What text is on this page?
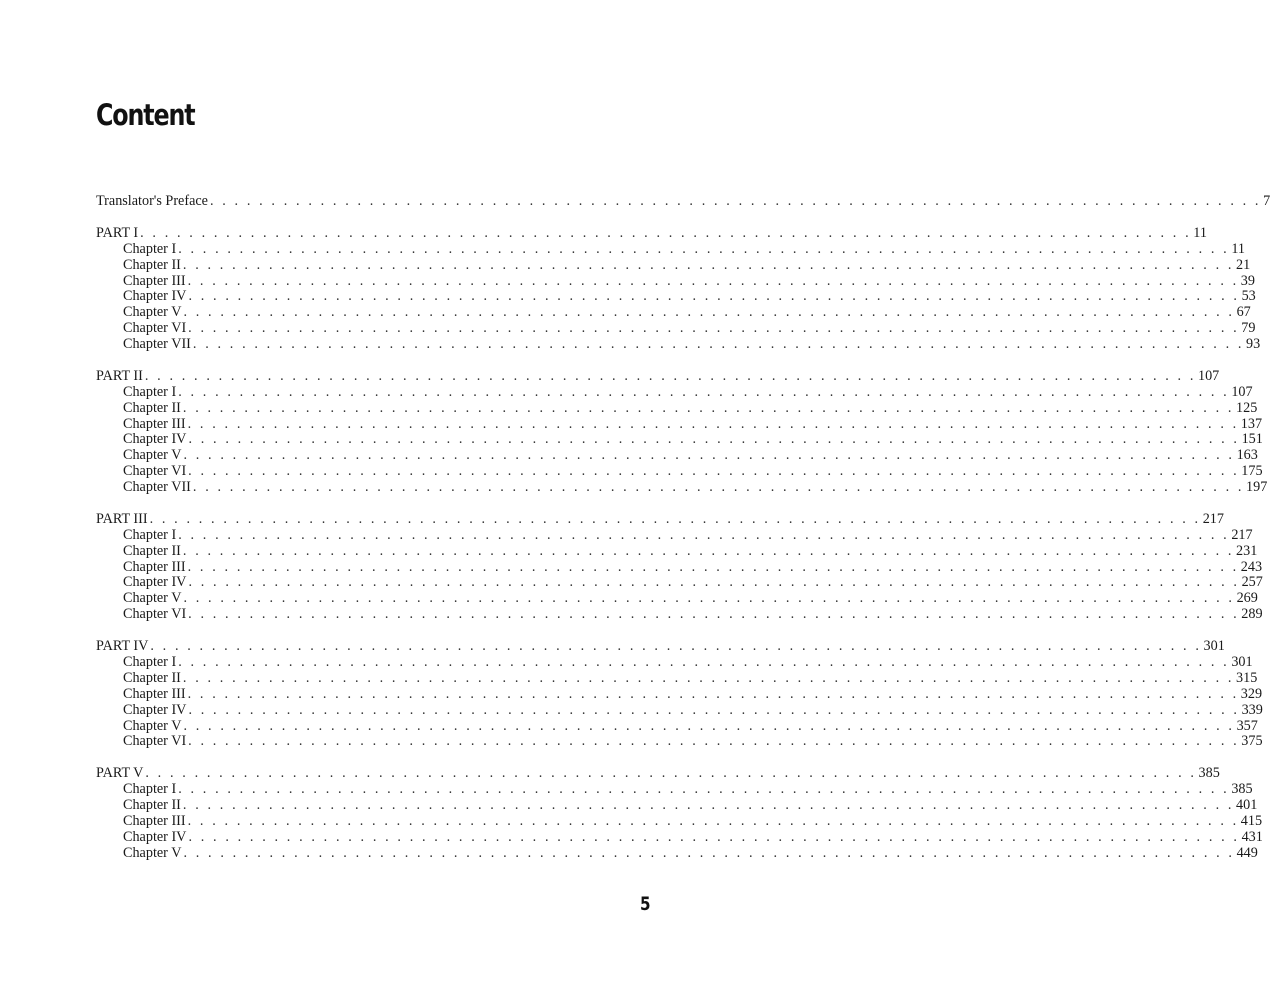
Content
Translator's Preface . . . . . . . . . . . . . . . . . . . . . . . . . . . . . . . . . . . . . . . . . . . . . . . . . . . . . . . . . . . . . . . . . . . . . . . . . . . . . . . . . . . . . . 7
PART I . . . . . . . . . . . . . . . . . . . . . . . . . . . . . . . . . . . . . . . . . . . . . . . . . . . . . . . . . . . . . . . . . . . . . . . . . . . . . . . . . . . . . . 11
Chapter I . . . . . . . . . . . . . . . . . . . . . . . . . . . . . . . . . . . . . . . . . . . . . . . . . . . . . . . . . . . . . . . . . . . . . . . . . . . . . . . . . . . . . . 11
Chapter II . . . . . . . . . . . . . . . . . . . . . . . . . . . . . . . . . . . . . . . . . . . . . . . . . . . . . . . . . . . . . . . . . . . . . . . . . . . . . . . . . . . . . . 21
Chapter III . . . . . . . . . . . . . . . . . . . . . . . . . . . . . . . . . . . . . . . . . . . . . . . . . . . . . . . . . . . . . . . . . . . . . . . . . . . . . . . . . . . . . . 39
Chapter IV . . . . . . . . . . . . . . . . . . . . . . . . . . . . . . . . . . . . . . . . . . . . . . . . . . . . . . . . . . . . . . . . . . . . . . . . . . . . . . . . . . . . . . 53
Chapter V . . . . . . . . . . . . . . . . . . . . . . . . . . . . . . . . . . . . . . . . . . . . . . . . . . . . . . . . . . . . . . . . . . . . . . . . . . . . . . . . . . . . . . 67
Chapter VI . . . . . . . . . . . . . . . . . . . . . . . . . . . . . . . . . . . . . . . . . . . . . . . . . . . . . . . . . . . . . . . . . . . . . . . . . . . . . . . . . . . . . . 79
Chapter VII . . . . . . . . . . . . . . . . . . . . . . . . . . . . . . . . . . . . . . . . . . . . . . . . . . . . . . . . . . . . . . . . . . . . . . . . . . . . . . . . . . . . . . 93
PART II . . . . . . . . . . . . . . . . . . . . . . . . . . . . . . . . . . . . . . . . . . . . . . . . . . . . . . . . . . . . . . . . . . . . . . . . . . . . . . . . . . . . . . 107
Chapter I . . . . . . . . . . . . . . . . . . . . . . . . . . . . . . . . . . . . . . . . . . . . . . . . . . . . . . . . . . . . . . . . . . . . . . . . . . . . . . . . . . . . . . 107
Chapter II . . . . . . . . . . . . . . . . . . . . . . . . . . . . . . . . . . . . . . . . . . . . . . . . . . . . . . . . . . . . . . . . . . . . . . . . . . . . . . . . . . . . . . 125
Chapter III . . . . . . . . . . . . . . . . . . . . . . . . . . . . . . . . . . . . . . . . . . . . . . . . . . . . . . . . . . . . . . . . . . . . . . . . . . . . . . . . . . . . . . 137
Chapter IV . . . . . . . . . . . . . . . . . . . . . . . . . . . . . . . . . . . . . . . . . . . . . . . . . . . . . . . . . . . . . . . . . . . . . . . . . . . . . . . . . . . . . . 151
Chapter V . . . . . . . . . . . . . . . . . . . . . . . . . . . . . . . . . . . . . . . . . . . . . . . . . . . . . . . . . . . . . . . . . . . . . . . . . . . . . . . . . . . . . . 163
Chapter VI . . . . . . . . . . . . . . . . . . . . . . . . . . . . . . . . . . . . . . . . . . . . . . . . . . . . . . . . . . . . . . . . . . . . . . . . . . . . . . . . . . . . . . 175
Chapter VII . . . . . . . . . . . . . . . . . . . . . . . . . . . . . . . . . . . . . . . . . . . . . . . . . . . . . . . . . . . . . . . . . . . . . . . . . . . . . . . . . . . . . . 197
PART III . . . . . . . . . . . . . . . . . . . . . . . . . . . . . . . . . . . . . . . . . . . . . . . . . . . . . . . . . . . . . . . . . . . . . . . . . . . . . . . . . . . . . . 217
Chapter I . . . . . . . . . . . . . . . . . . . . . . . . . . . . . . . . . . . . . . . . . . . . . . . . . . . . . . . . . . . . . . . . . . . . . . . . . . . . . . . . . . . . . . 217
Chapter II . . . . . . . . . . . . . . . . . . . . . . . . . . . . . . . . . . . . . . . . . . . . . . . . . . . . . . . . . . . . . . . . . . . . . . . . . . . . . . . . . . . . . . 231
Chapter III . . . . . . . . . . . . . . . . . . . . . . . . . . . . . . . . . . . . . . . . . . . . . . . . . . . . . . . . . . . . . . . . . . . . . . . . . . . . . . . . . . . . . . 243
Chapter IV . . . . . . . . . . . . . . . . . . . . . . . . . . . . . . . . . . . . . . . . . . . . . . . . . . . . . . . . . . . . . . . . . . . . . . . . . . . . . . . . . . . . . . 257
Chapter V . . . . . . . . . . . . . . . . . . . . . . . . . . . . . . . . . . . . . . . . . . . . . . . . . . . . . . . . . . . . . . . . . . . . . . . . . . . . . . . . . . . . . . 269
Chapter VI . . . . . . . . . . . . . . . . . . . . . . . . . . . . . . . . . . . . . . . . . . . . . . . . . . . . . . . . . . . . . . . . . . . . . . . . . . . . . . . . . . . . . . 289
PART IV . . . . . . . . . . . . . . . . . . . . . . . . . . . . . . . . . . . . . . . . . . . . . . . . . . . . . . . . . . . . . . . . . . . . . . . . . . . . . . . . . . . . . . 301
Chapter I . . . . . . . . . . . . . . . . . . . . . . . . . . . . . . . . . . . . . . . . . . . . . . . . . . . . . . . . . . . . . . . . . . . . . . . . . . . . . . . . . . . . . . 301
Chapter II . . . . . . . . . . . . . . . . . . . . . . . . . . . . . . . . . . . . . . . . . . . . . . . . . . . . . . . . . . . . . . . . . . . . . . . . . . . . . . . . . . . . . . 315
Chapter III . . . . . . . . . . . . . . . . . . . . . . . . . . . . . . . . . . . . . . . . . . . . . . . . . . . . . . . . . . . . . . . . . . . . . . . . . . . . . . . . . . . . . . 329
Chapter IV . . . . . . . . . . . . . . . . . . . . . . . . . . . . . . . . . . . . . . . . . . . . . . . . . . . . . . . . . . . . . . . . . . . . . . . . . . . . . . . . . . . . . . 339
Chapter V . . . . . . . . . . . . . . . . . . . . . . . . . . . . . . . . . . . . . . . . . . . . . . . . . . . . . . . . . . . . . . . . . . . . . . . . . . . . . . . . . . . . . . 357
Chapter VI . . . . . . . . . . . . . . . . . . . . . . . . . . . . . . . . . . . . . . . . . . . . . . . . . . . . . . . . . . . . . . . . . . . . . . . . . . . . . . . . . . . . . . 375
PART V . . . . . . . . . . . . . . . . . . . . . . . . . . . . . . . . . . . . . . . . . . . . . . . . . . . . . . . . . . . . . . . . . . . . . . . . . . . . . . . . . . . . . . 385
Chapter I . . . . . . . . . . . . . . . . . . . . . . . . . . . . . . . . . . . . . . . . . . . . . . . . . . . . . . . . . . . . . . . . . . . . . . . . . . . . . . . . . . . . . . 385
Chapter II . . . . . . . . . . . . . . . . . . . . . . . . . . . . . . . . . . . . . . . . . . . . . . . . . . . . . . . . . . . . . . . . . . . . . . . . . . . . . . . . . . . . . . 401
Chapter III . . . . . . . . . . . . . . . . . . . . . . . . . . . . . . . . . . . . . . . . . . . . . . . . . . . . . . . . . . . . . . . . . . . . . . . . . . . . . . . . . . . . . . 415
Chapter IV . . . . . . . . . . . . . . . . . . . . . . . . . . . . . . . . . . . . . . . . . . . . . . . . . . . . . . . . . . . . . . . . . . . . . . . . . . . . . . . . . . . . . . 431
Chapter V . . . . . . . . . . . . . . . . . . . . . . . . . . . . . . . . . . . . . . . . . . . . . . . . . . . . . . . . . . . . . . . . . . . . . . . . . . . . . . . . . . . . . . 449
5
